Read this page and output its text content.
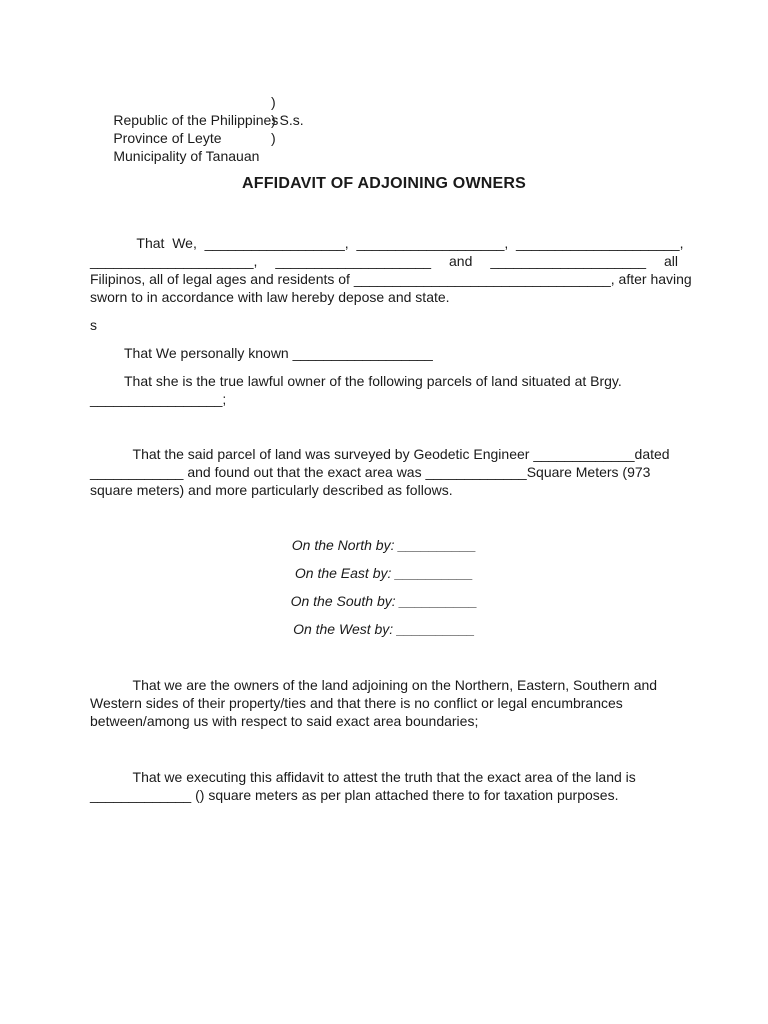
Republic of the Philippines

)

Province of Leyte

) S.s.

Municipality of Tanauan

)

AFFIDAVIT OF ADJOINING OWNERS
That  We,  __________________,  ___________________,  _____________________,
_____________________, ____________________ and ____________________ all
Filipinos, all of legal ages and residents of _________________________________, after having
sworn to in accordance with law hereby depose and state.
s
That We personally known __________________
That she is the true lawful owner of the following parcels of land situated at Brgy.
_________________;
That the said parcel of land was surveyed by Geodetic Engineer _____________dated
____________ and found out that the exact area was _____________Square Meters (973
square meters) and more particularly described as follows.
On the North by: __________
On the East by: __________
On the South by: __________
On the West by: __________
That we are the owners of the land adjoining on the Northern, Eastern, Southern and
Western sides of their property/ties and that there is no conflict or legal encumbrances
between/among us with respect to said exact area boundaries;
That we executing this affidavit to attest the truth that the exact area of the land is
_____________ () square meters as per plan attached there to for taxation purposes.
